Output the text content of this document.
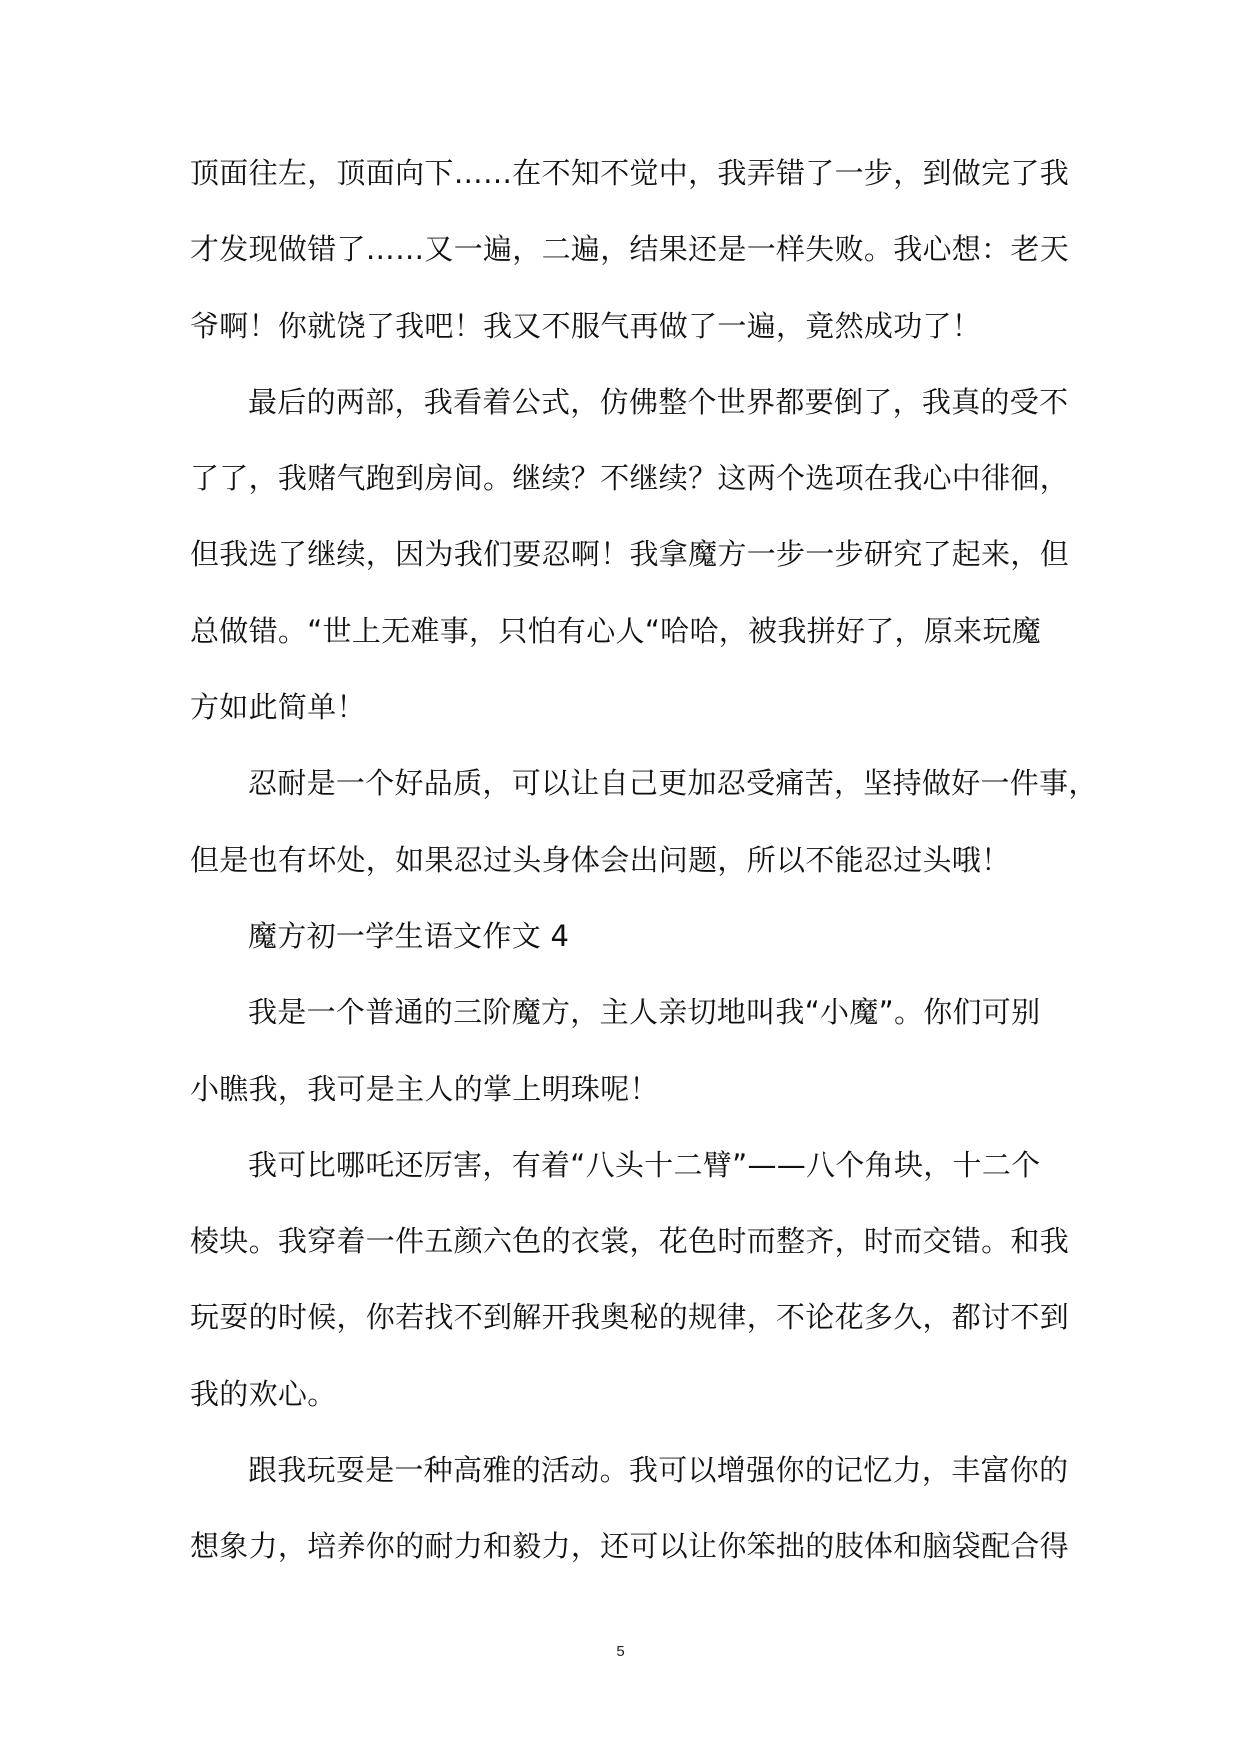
顶面往左，顶面向下……在不知不觉中，我弄错了一步，到做完了我
才发现做错了……又一遍，二遍，结果还是一样失败。我心想：老天
爷啊！你就饶了我吧！我又不服气再做了一遍，竟然成功了！
最后的两部，我看着公式，仿佛整个世界都要倒了，我真的受不
了了，我赌气跑到房间。继续？不继续？这两个选项在我心中徘徊，
但我选了继续，因为我们要忍啊！我拿魔方一步一步研究了起来，但
总做错。“世上无难事，只怕有心人“哈哈，被我拼好了，原来玩魔
方如此简单！
忍耐是一个好品质，可以让自己更加忍受痛苦，坚持做好一件事，
但是也有坏处，如果忍过头身体会出问题，所以不能忍过头哦！
魔方初一学生语文作文 4
我是一个普通的三阶魔方，主人亲切地叫我“小魔”。你们可别
小瞧我，我可是主人的掌上明珠呢！
我可比哪吒还厉害，有着“八头十二臂”——八个角块，十二个
棱块。我穿着一件五颜六色的衣裳，花色时而整齐，时而交错。和我
玩耍的时候，你若找不到解开我奥秘的规律，不论花多久，都讨不到
我的欢心。
跟我玩耍是一种高雅的活动。我可以增强你的记忆力，丰富你的
想象力，培养你的耐力和毅力，还可以让你笨拙的肢体和脑袋配合得
5
